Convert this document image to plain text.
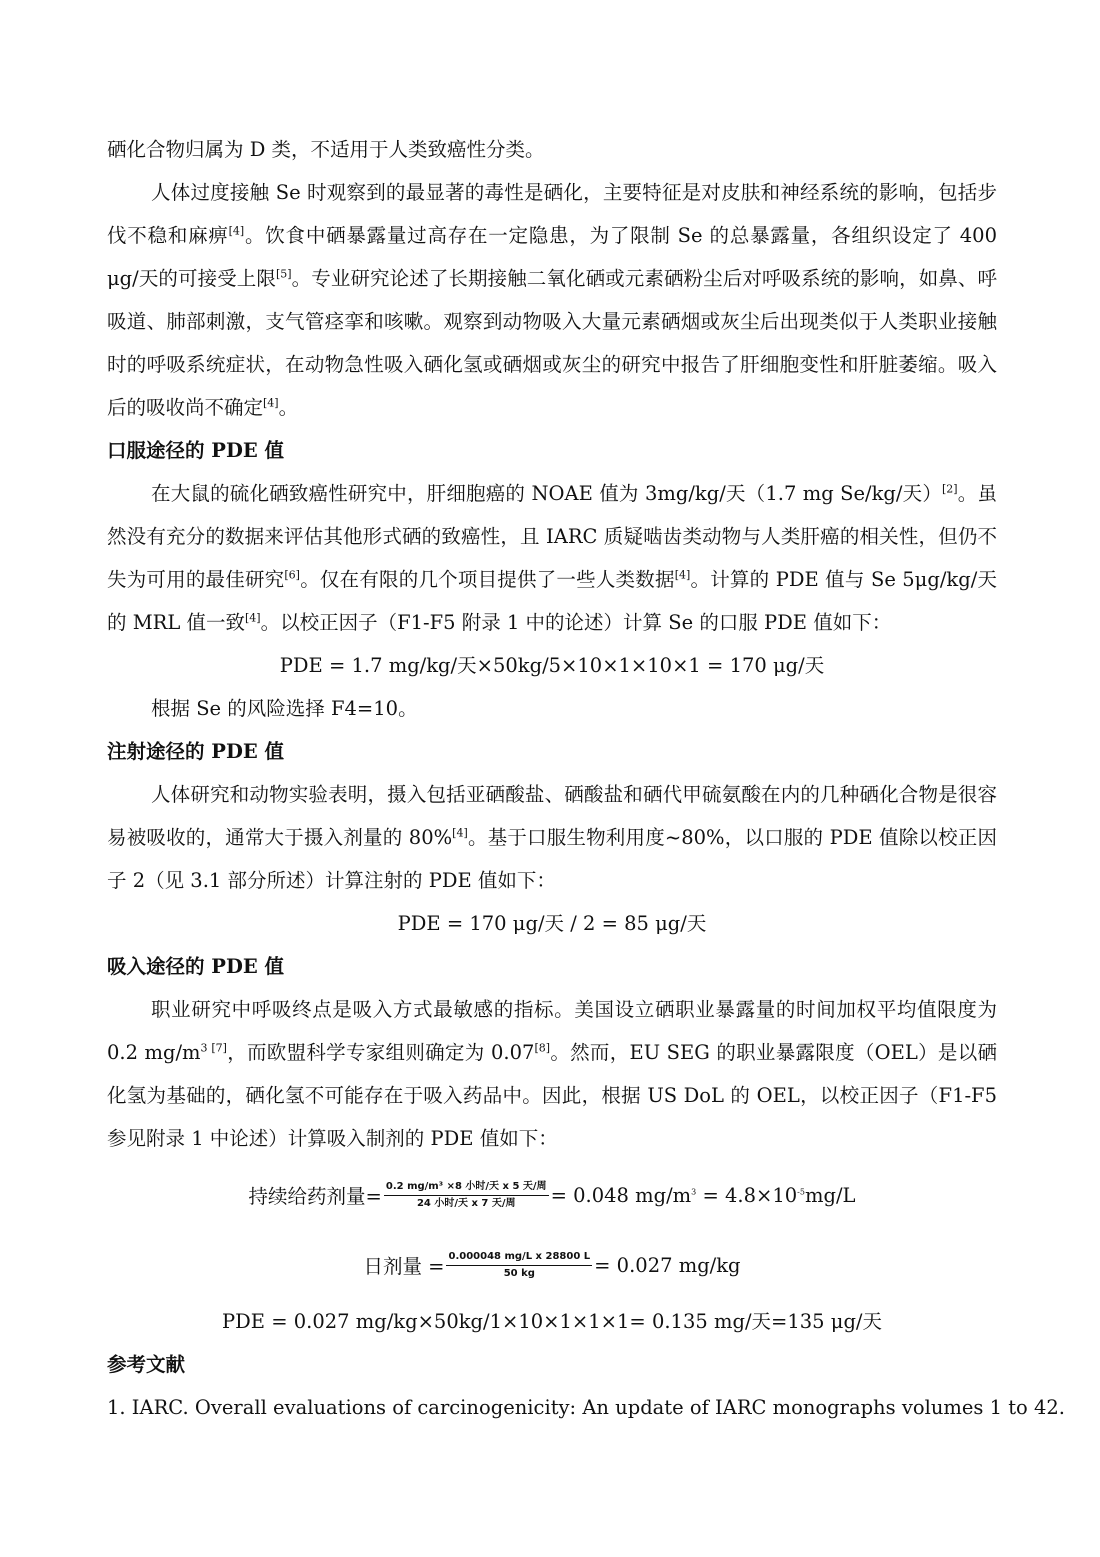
硒化合物归属为 D 类，不适用于人类致癌性分类。

人体过度接触 Se 时观察到的最显著的毒性是硒化，主要特征是对皮肤和神经系统的影响，包括步伐不稳和麻痹[4]。饮食中硒暴露量过高存在一定隐患，为了限制 Se 的总暴露量，各组织设定了 400 μg/天的可接受上限[5]。专业研究论述了长期接触二氧化硒或元素硒粉尘后对呼吸系统的影响，如鼻、呼吸道、肺部刺激，支气管痉挛和咳嗽。观察到动物吸入大量元素硒烟或灰尘后出现类似于人类职业接触时的呼吸系统症状，在动物急性吸入硒化氢或硒烟或灰尘的研究中报告了肝细胞变性和肝脏萎缩。吸入后的吸收尚不确定[4]。

口服途径的 PDE 值

在大鼠的硫化硒致癌性研究中，肝细胞癌的 NOAE 值为 3mg/kg/天（1.7 mg Se/kg/天）[2]。虽然没有充分的数据来评估其他形式硒的致癌性，且 IARC 质疑啮齿类动物与人类肝癌的相关性，但仍不失为可用的最佳研究[6]。仅在有限的几个项目提供了一些人类数据[4]。计算的 PDE 值与 Se 5μg/kg/天的 MRL 值一致[4]。以校正因子（F1-F5 附录 1 中的论述）计算 Se 的口服 PDE 值如下：

PDE = 1.7 mg/kg/天×50kg/5×10×1×10×1 = 170 μg/天

根据 Se 的风险选择 F4=10。

注射途径的 PDE 值

人体研究和动物实验表明，摄入包括亚硒酸盐、硒酸盐和硒代甲硫氨酸在内的几种硒化合物是很容易被吸收的，通常大于摄入剂量的 80%[4]。基于口服生物利用度~80%，以口服的 PDE 值除以校正因子 2（见 3.1 部分所述）计算注射的 PDE 值如下：

PDE = 170 μg/天 / 2 = 85 μg/天

吸入途径的 PDE 值

职业研究中呼吸终点是吸入方式最敏感的指标。美国设立硒职业暴露量的时间加权平均值限度为 0.2 $mg/m^3$ [7]，而欧盟科学专家组则确定为 0.07[8]。然而，EU SEG 的职业暴露限度（OEL）是以硒化氢为基础的，硒化氢不可能存在于吸入药品中。因此，根据 US DoL 的 OEL，以校正因子（F1-F5 参见附录 1 中论述）计算吸入制剂的 PDE 值如下：

持续给药剂量= $\frac{\text{0.2 mg/m³ ×8 小时/天 x 5 天/周}}{\text{24 小时/天 x 7 天/周}} = 0.048$ $mg/m^3 = 4.8\times 10^{-5}mg/L$
日剂量 = $\frac{\text{0.000048 mg/L x 28800 L}}{50 kg} = 0.027$ mg/kg

PDE = 0.027 mg/kg×50kg/1×10×1×1×1= 0.135 mg/天=135 μg/天

参考文献

1. IARC. Overall evaluations of carcinogenicity: An update of IARC monographs volumes 1 to 42.
